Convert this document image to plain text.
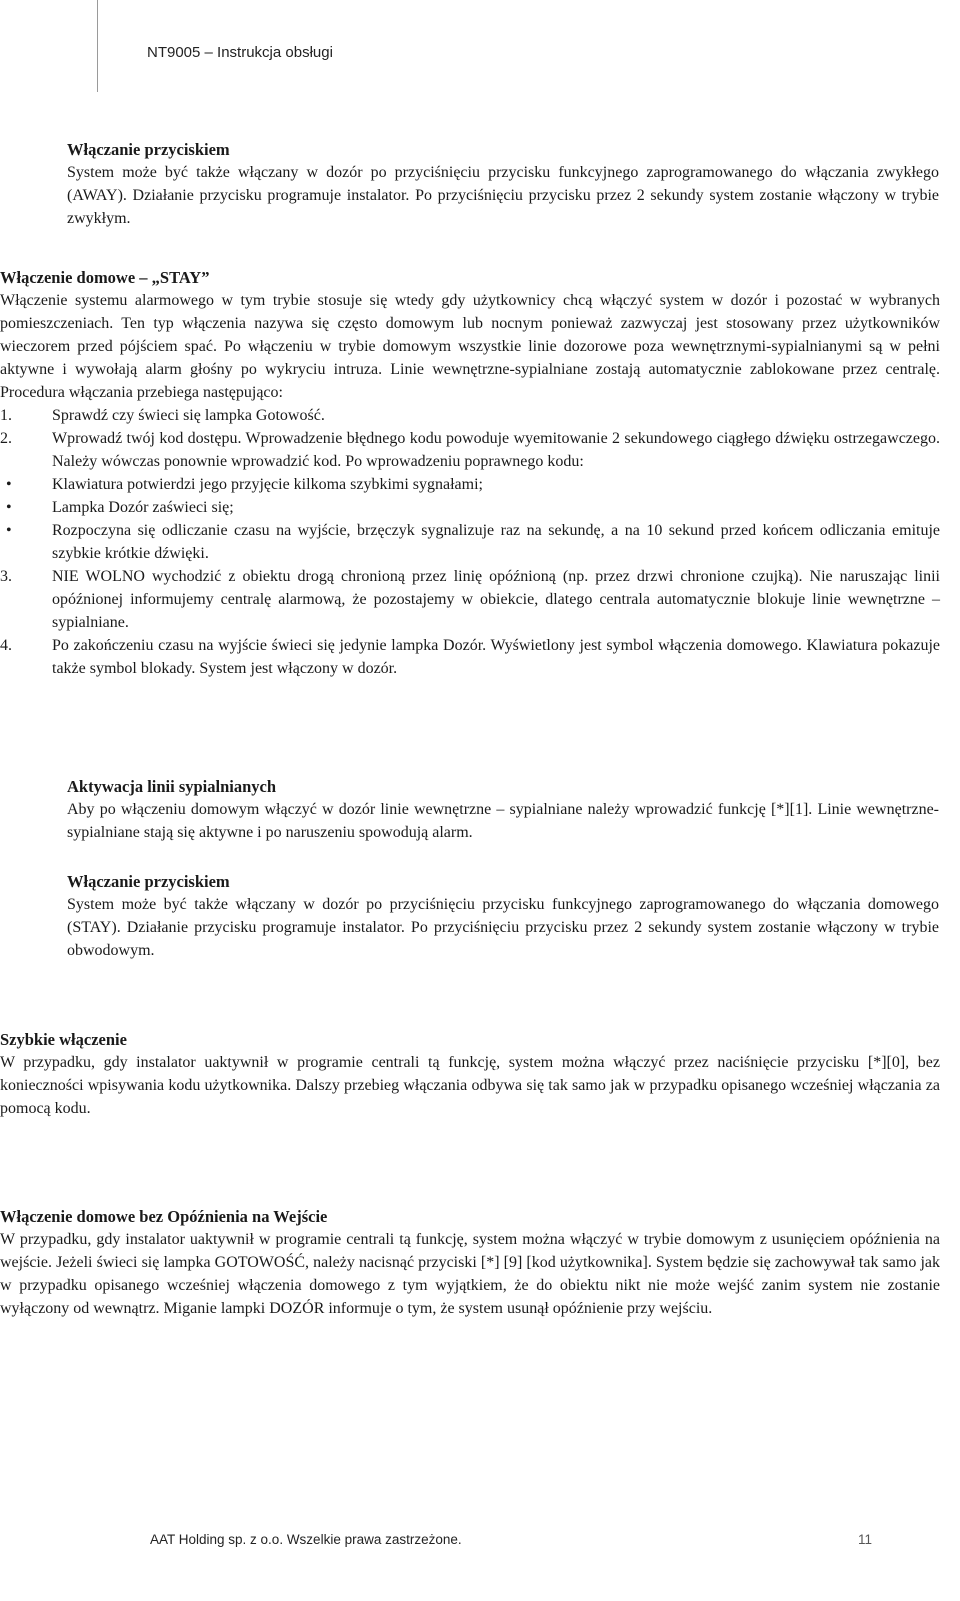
NT9005 – Instrukcja obsługi
Włączanie przyciskiem

System może być także włączany w dozór po przyciśnięciu przycisku funkcyjnego zaprogramowanego do włączania zwykłego (AWAY). Działanie przycisku programuje instalator. Po przyciśnięciu przycisku przez 2 sekundy system zostanie włączony w trybie zwykłym.

Włączenie domowe – „STAY”

Włączenie systemu alarmowego w tym trybie stosuje się wtedy gdy użytkownicy chcą włączyć system w dozór i pozostać w wybranych pomieszczeniach. Ten typ włączenia nazywa się często domowym lub nocnym ponieważ zazwyczaj jest stosowany przez użytkowników wieczorem przed pójściem spać. Po włączeniu w trybie domowym wszystkie linie dozorowe poza wewnętrznymi-sypialnianymi są w pełni aktywne i wywołają alarm głośny po wykryciu intruza. Linie wewnętrzne-sypialniane zostają automatycznie zablokowane przez centralę. Procedura włączania przebiega następująco:

1.	Sprawdź czy świeci się lampka Gotowość.
2.	Wprowadź twój kod dostępu. Wprowadzenie błędnego kodu powoduje wyemitowanie 2 sekundowego ciągłego dźwięku ostrzegawczego. Należy wówczas ponownie wprowadzić kod. Po wprowadzeniu poprawnego kodu:
•	Klawiatura potwierdzi jego przyjęcie kilkoma szybkimi sygnałami;
•	Lampka Dozór zaświeci się;
•	Rozpoczyna się odliczanie czasu na wyjście, brzęczyk sygnalizuje raz na sekundę, a na 10 sekund przed końcem odliczania emituje szybkie krótkie dźwięki.
3.	NIE WOLNO wychodzić z obiektu drogą chronioną przez linię opóźnioną (np. przez drzwi chronione czujką). Nie naruszając linii opóźnionej informujemy centralę alarmową, że pozostajemy w obiekcie, dlatego centrala automatycznie blokuje linie wewnętrzne – sypialniane.
4.	Po zakończeniu czasu na wyjście świeci się jedynie lampka Dozór. Wyświetlony jest symbol włączenia domowego. Klawiatura pokazuje także symbol blokady. System jest włączony w dozór.
Aktywacja linii sypialnianych

Aby po włączeniu domowym włączyć w dozór linie wewnętrzne – sypialniane należy wprowadzić funkcję [*][1]. Linie wewnętrzne-sypialniane stają się aktywne i po naruszeniu spowodują alarm.

Włączanie przyciskiem

System może być także włączany w dozór po przyciśnięciu przycisku funkcyjnego zaprogramowanego do włączania domowego (STAY). Działanie przycisku programuje instalator. Po przyciśnięciu przycisku przez 2 sekundy system zostanie włączony w trybie obwodowym.

Szybkie włączenie

W przypadku, gdy instalator uaktywnił w programie centrali tą funkcję, system można włączyć przez naciśnięcie przycisku [*][0], bez konieczności wpisywania kodu użytkownika. Dalszy przebieg włączania odbywa się tak samo jak w przypadku opisanego wcześniej włączania za pomocą kodu.

Włączenie domowe bez Opóźnienia na Wejście

W przypadku, gdy instalator uaktywnił w programie centrali tą funkcję, system można włączyć w trybie domowym z usunięciem opóźnienia na wejście. Jeżeli świeci się lampka GOTOWOŚĆ, należy nacisnąć przyciski [*] [9] [kod użytkownika]. System będzie się zachowywał tak samo jak w przypadku opisanego wcześniej włączenia domowego z tym wyjątkiem, że do obiektu nikt nie może wejść zanim system nie zostanie wyłączony od wewnątrz. Miganie lampki DOZÓR informuje o tym, że system usunął opóźnienie przy wejściu.

AAT Holding sp. z o.o. Wszelkie prawa zastrzeżone.	11
